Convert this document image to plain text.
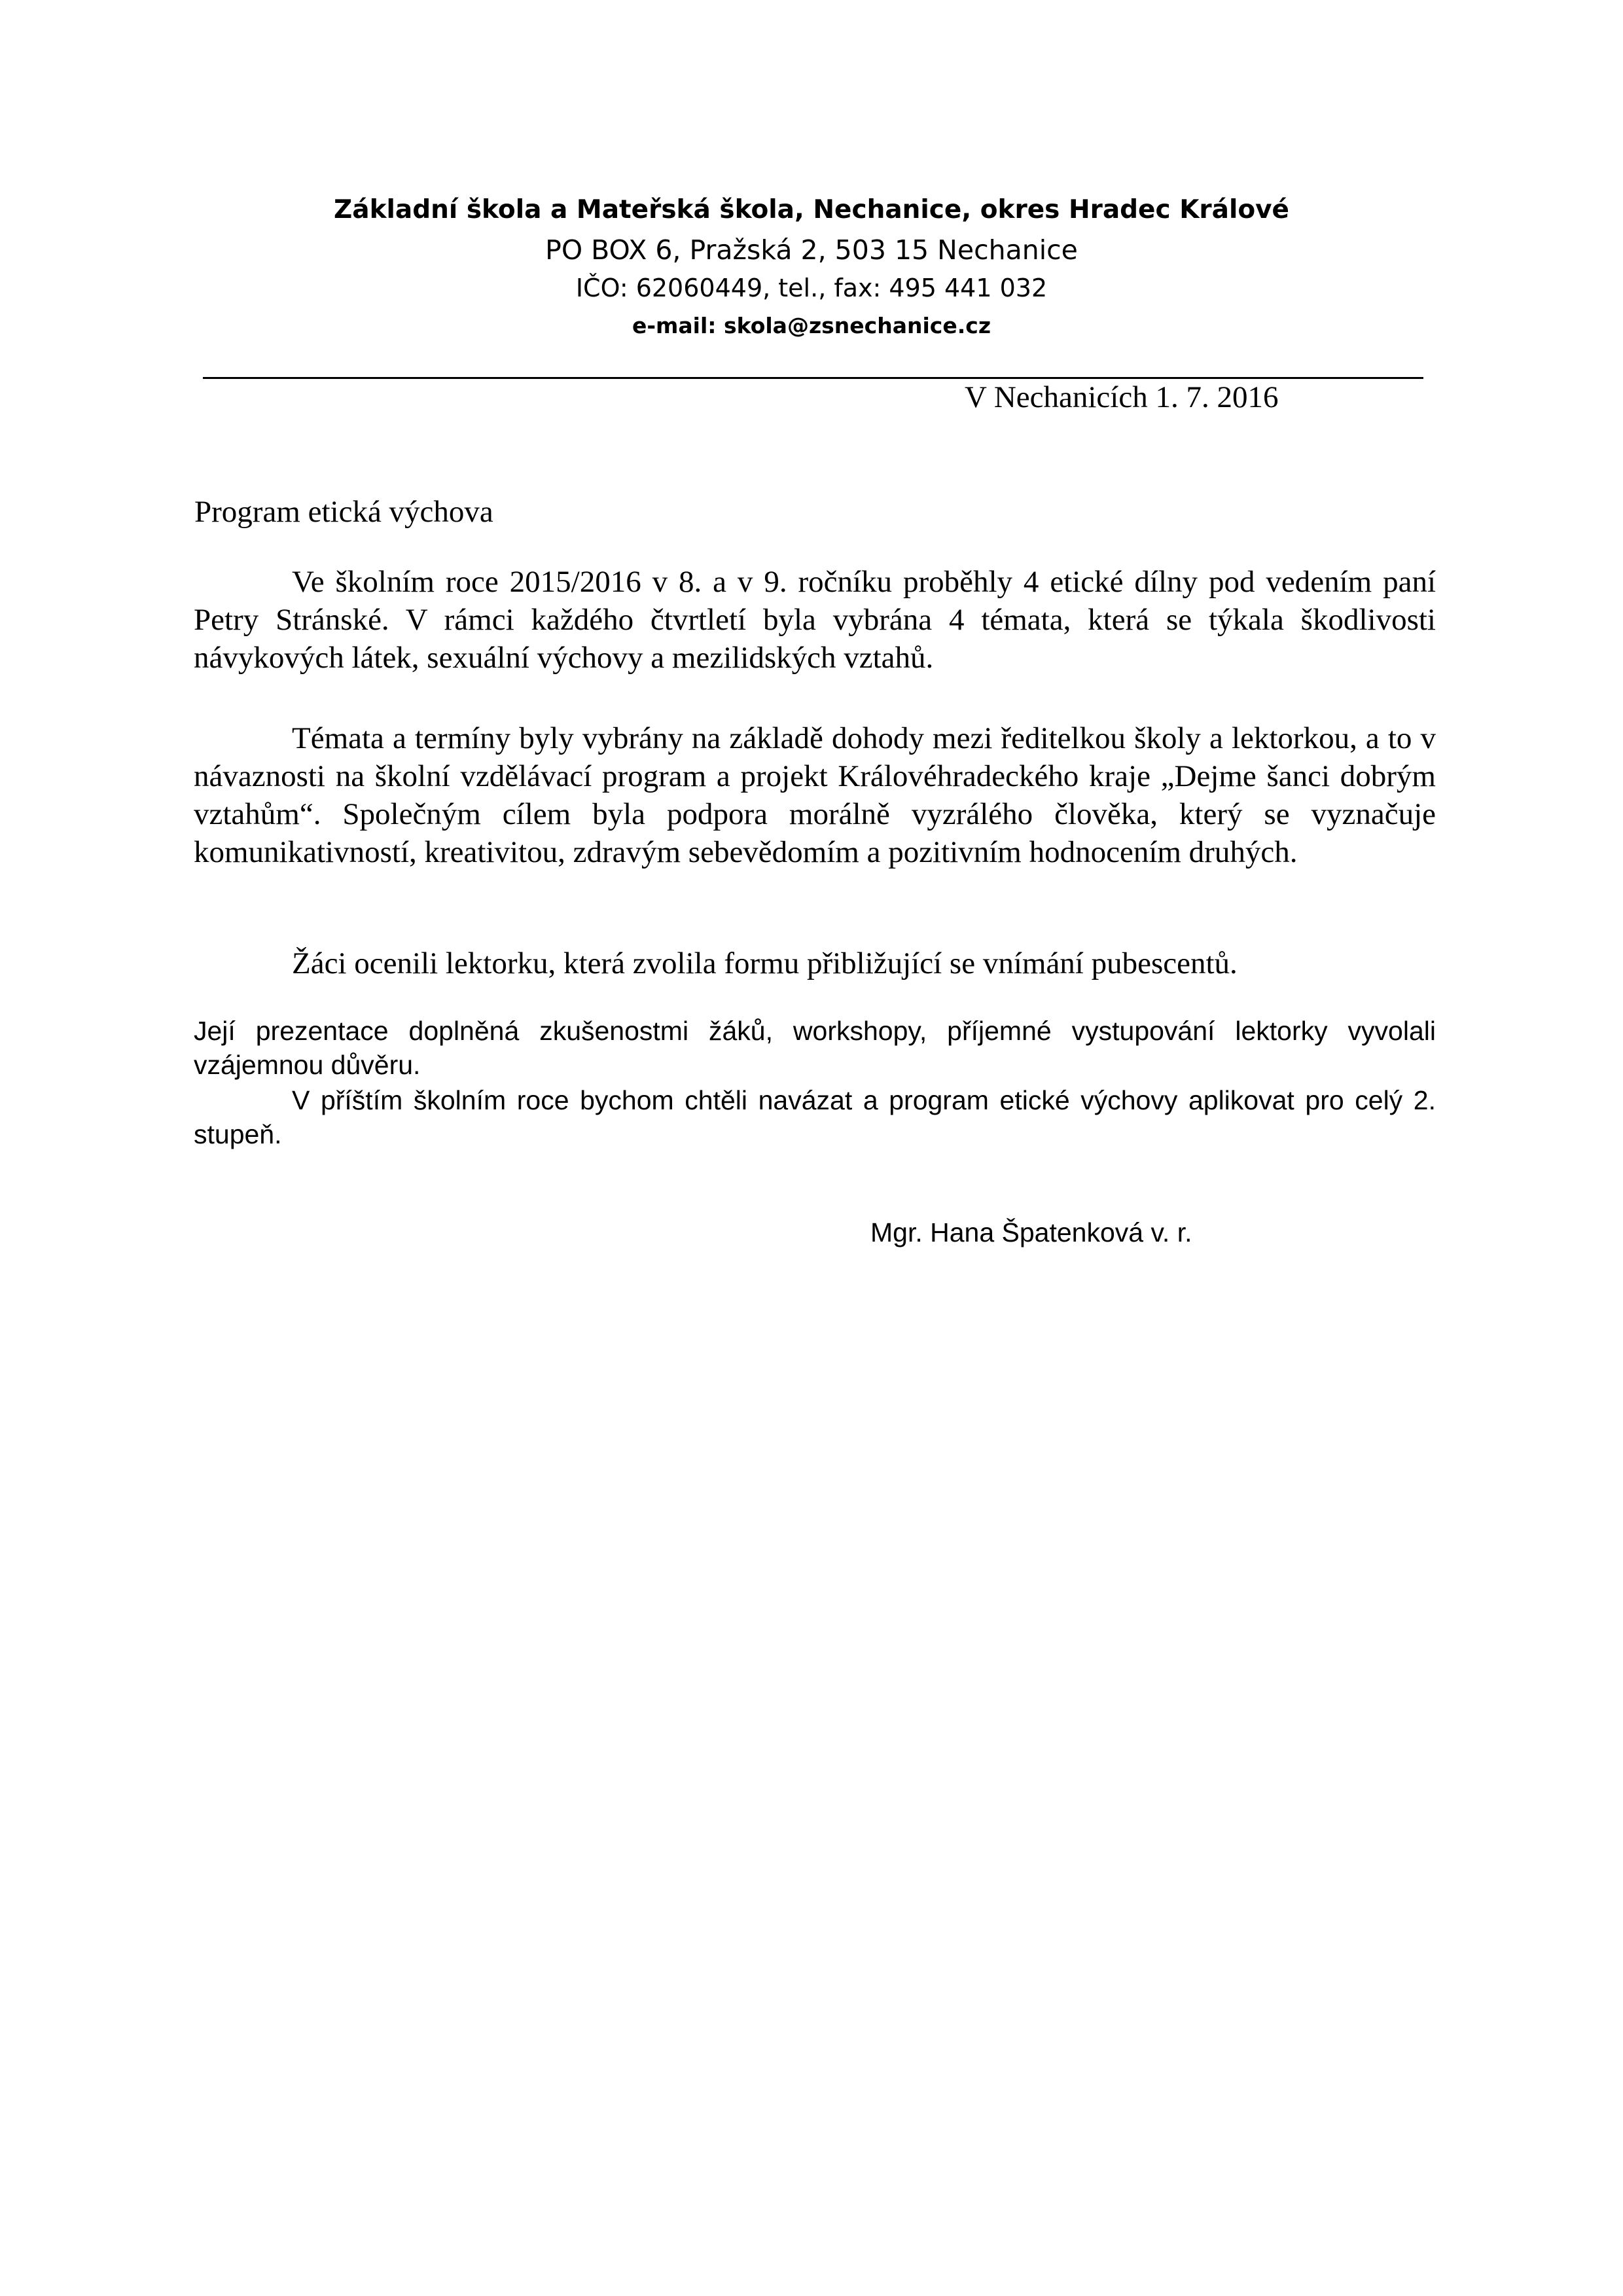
Základní škola a Mateřská škola, Nechanice, okres Hradec Králové
PO BOX 6, Pražská 2, 503 15 Nechanice
IČO: 62060449, tel., fax: 495 441 032
e-mail: skola@zsnechanice.cz
V Nechanicích 1. 7. 2016
Program etická výchova

Ve školním roce 2015/2016 v 8. a v 9. ročníku proběhly 4 etické dílny pod vedením paní Petry Stránské. V rámci každého čtvrtletí byla vybrána 4 témata, která se týkala škodlivosti návykových látek, sexuální výchovy a mezilidských vztahů.

Témata a termíny byly vybrány na základě dohody mezi ředitelkou školy a lektorkou, a to v návaznosti na školní vzdělávací program a projekt Královéhradeckého kraje „Dejme šanci dobrým vztahům“. Společným cílem byla podpora morálně vyzrálého člověka, který se vyznačuje komunikativností, kreativitou, zdravým sebevědomím a pozitivním hodnocením druhých.

Žáci ocenili lektorku, která zvolila formu přibližující se vnímání pubescentů.

Její prezentace doplněná zkušenostmi žáků, workshopy, příjemné vystupování lektorky vyvolali vzájemnou důvěru.

V příštím školním roce bychom chtěli navázat a program etické výchovy aplikovat pro celý 2. stupeň.

Mgr. Hana Špatenková v. r.
